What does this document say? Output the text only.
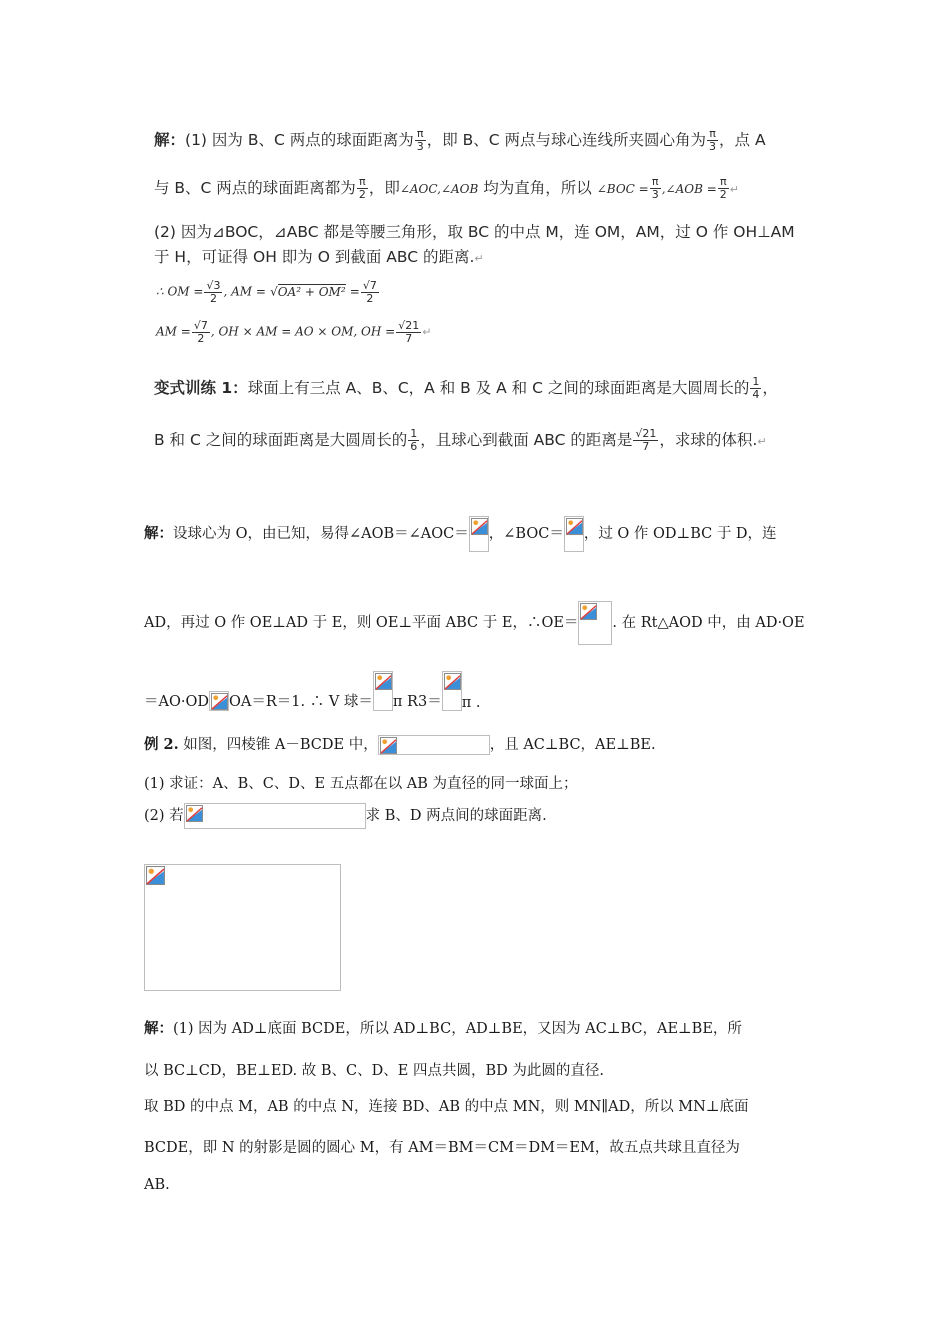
解：(1) 因为 B、C 两点的球面距离为 $\frac{\pi}{3}$ ，即 B、C 两点与球心连线所夹圆心角为 $\frac{\pi}{3}$ ，点 A
与 B、C 两点的球面距离都为 $\frac{\pi}{2}$ ，即∠AOC,∠AOB 均为直角，所以 ∠BOC = $\frac{\pi}{3}$ ,∠AOB = $\frac{\pi}{2}$ ↵
(2) 因为⊿BOC，⊿ABC 都是等腰三角形，取 BC 的中点 M，连 OM，AM，过 O 作 OH⊥AM
于 H，可证得 OH 即为 O 到截面 ABC 的距离.↵
∴ OM = $\frac{√3}{2}$ , AM = $√OA^2 + OM^2 = \frac{√7}{2}$
AM = $\frac{√7}{2}$ , OH × AM = AO × OM, OH = $\frac{√21}{7}$ ↵
变式训练 1：球面上有三点 A、B、C，A 和 B 及 A 和 C 之间的球面距离是大圆周长的 $\frac{1}{4}$ ，
B 和 C 之间的球面距离是大圆周长的 $\frac{1}{6}$ ，且球心到截面 ABC 的距离是 $\frac{√21}{7}$ ，求球的体积.↵
解：设球心为 O，由已知，易得∠AOB＝∠AOC＝ ，∠BOC＝ ，过 O 作 OD⊥BC 于 D，连
AD，再过 O 作 OE⊥AD 于 E，则 OE⊥平面 ABC 于 E，∴OE＝ . 在 Rt△AOD 中，由 AD·OE
＝AO·OD OA＝R＝1. ∴ V 球＝ π R3＝ π .
例 2. 如图，四棱锥 A－BCDE 中，	，且 AC⊥BC，AE⊥BE.
(1) 求证：A、B、C、D、E 五点都在以 AB 为直径的同一球面上；
(2) 若	求 B、D 两点间的球面距离.
解：(1) 因为 AD⊥底面 BCDE，所以 AD⊥BC，AD⊥BE，又因为 AC⊥BC，AE⊥BE，所
以 BC⊥CD，BE⊥ED. 故 B、C、D、E 四点共圆，BD 为此圆的直径.
取 BD 的中点 M，AB 的中点 N，连接 BD、AB 的中点 MN，则 MN∥AD，所以 MN⊥底面
BCDE，即 N 的射影是圆的圆心 M，有 AM＝BM＝CM＝DM＝EM，故五点共球且直径为
AB.
